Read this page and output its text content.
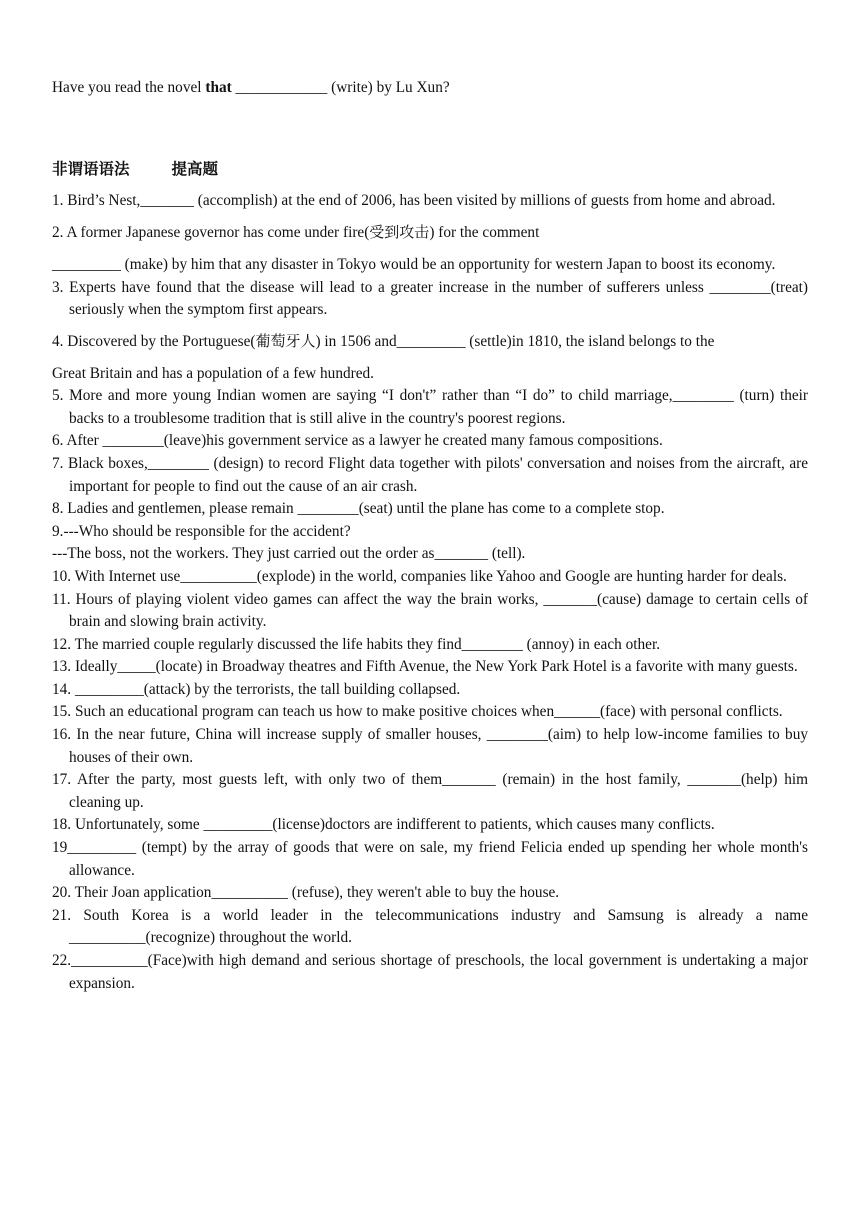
Have you read the novel that ____________ (write) by Lu Xun?
非谓语语法	提高题
1. Bird’s Nest,_______ (accomplish) at the end of 2006, has been visited by millions of guests from home and abroad.
2. A former Japanese governor has come under fire(受到攻击) for the comment
_________ (make) by him that any disaster in Tokyo would be an opportunity for western Japan to boost its economy.
3. Experts have found that the disease will lead to a greater increase in the number of sufferers unless ________(treat) seriously when the symptom first appears.
4. Discovered by the Portuguese(葡萄牙人) in 1506 and_________ (settle)in 1810, the island belongs to the
Great Britain and has a population of a few hundred.
5. More and more young Indian women are saying “I don't” rather than “I do” to child marriage,________ (turn) their backs to a troublesome tradition that is still alive in the country's poorest regions.
6. After ________(leave)his government service as a lawyer he created many famous compositions.
7. Black boxes,________ (design) to record Flight data together with pilots' conversation and noises from the aircraft, are important for people to find out the cause of an air crash.
8. Ladies and gentlemen, please remain ________(seat) until the plane has come to a complete stop.
9.---Who should be responsible for the accident?
---The boss, not the workers. They just carried out the order as_______ (tell).
10. With Internet use__________(explode) in the world, companies like Yahoo and Google are hunting harder for deals.
11. Hours of playing violent video games can affect the way the brain works, _______(cause) damage to certain cells of brain and slowing brain activity.
12. The married couple regularly discussed the life habits they find________ (annoy) in each other.
13. Ideally_____(locate) in Broadway theatres and Fifth Avenue, the New York Park Hotel is a favorite with many guests.
14. _________(attack) by the terrorists, the tall building collapsed.
15. Such an educational program can teach us how to make positive choices when______(face) with personal conflicts.
16. In the near future, China will increase supply of smaller houses, ________(aim) to help low-income families to buy houses of their own.
17. After the party, most guests left, with only two of them_______ (remain) in the host family, _______(help) him cleaning up.
18. Unfortunately, some _________(license)doctors are indifferent to patients, which causes many conflicts.
19_________ (tempt) by the array of goods that were on sale, my friend Felicia ended up spending her whole month's allowance.
20. Their Joan application__________ (refuse), they weren't able to buy the house.
21. South Korea is a world leader in the telecommunications industry and Samsung is already a name __________(recognize) throughout the world.
22.__________(Face)with high demand and serious shortage of preschools, the local government is undertaking a major expansion.
